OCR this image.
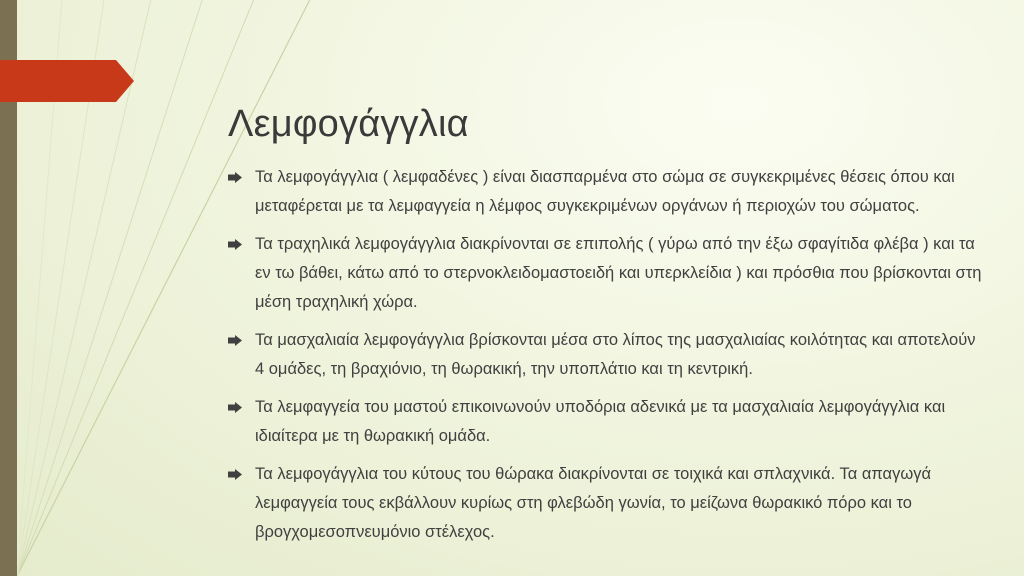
Λεμφογάγγλια
Τα λεμφογάγγλια ( λεμφαδένες ) είναι διασπαρμένα στο σώμα σε συγκεκριμένες θέσεις όπου και μεταφέρεται με τα λεμφαγγεία η λέμφος συγκεκριμένων οργάνων ή περιοχών του σώματος.
Τα τραχηλικά λεμφογάγγλια διακρίνονται σε επιπολής ( γύρω από την έξω σφαγίτιδα φλέβα ) και τα εν τω βάθει, κάτω από το στερνοκλειδομαστοειδή και υπερκλείδια ) και πρόσθια που βρίσκονται στη μέση τραχηλική χώρα.
Τα μασχαλιαία λεμφογάγγλια βρίσκονται μέσα στο λίπος της μασχαλιαίας κοιλότητας και αποτελούν 4 ομάδες, τη βραχιόνιο, τη θωρακική, την υποπλάτιο και τη κεντρική.
Τα λεμφαγγεία του μαστού επικοινωνούν υποδόρια αδενικά με τα μασχαλιαία λεμφογάγγλια και ιδιαίτερα με τη θωρακική ομάδα.
Τα λεμφογάγγλια του κύτους του θώρακα διακρίνονται σε τοιχικά και σπλαχνικά. Τα απαγωγά λεμφαγγεία τους εκβάλλουν κυρίως στη φλεβώδη γωνία, το μείζωνα θωρακικό πόρο και το βρογχομεσοπνευμόνιο στέλεχος.
